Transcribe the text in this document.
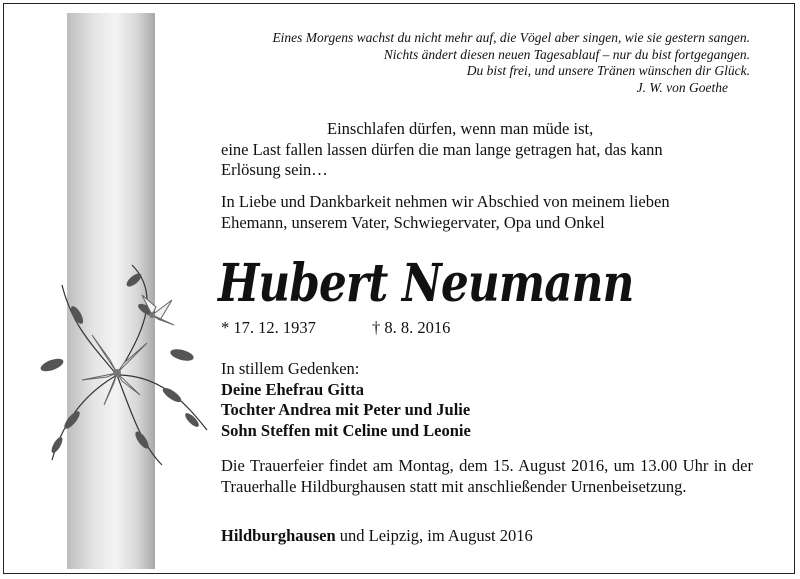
Eines Morgens wachst du nicht mehr auf, die Vögel aber singen, wie sie gestern sangen.
Nichts ändert diesen neuen Tagesablauf – nur du bist fortgegangen.
Du bist frei, und unsere Tränen wünschen dir Glück.
J. W. von Goethe
Einschlafen dürfen, wenn man müde ist,
eine Last fallen lassen dürfen die man lange getragen hat, das kann
Erlösung sein…
In Liebe und Dankbarkeit nehmen wir Abschied von meinem lieben
Ehemann, unserem Vater, Schwiegervater, Opa und Onkel
Hubert Neumann
* 17. 12. 1937	† 8. 8. 2016
In stillem Gedenken:
Deine Ehefrau Gitta
Tochter Andrea mit Peter und Julie
Sohn Steffen mit Celine und Leonie
Die Trauerfeier findet am Montag, dem 15. August 2016, um 13.00 Uhr in der Trauerhalle Hildburghausen statt mit anschließender Urnenbeisetzung.
Hildburghausen und Leipzig, im August 2016
